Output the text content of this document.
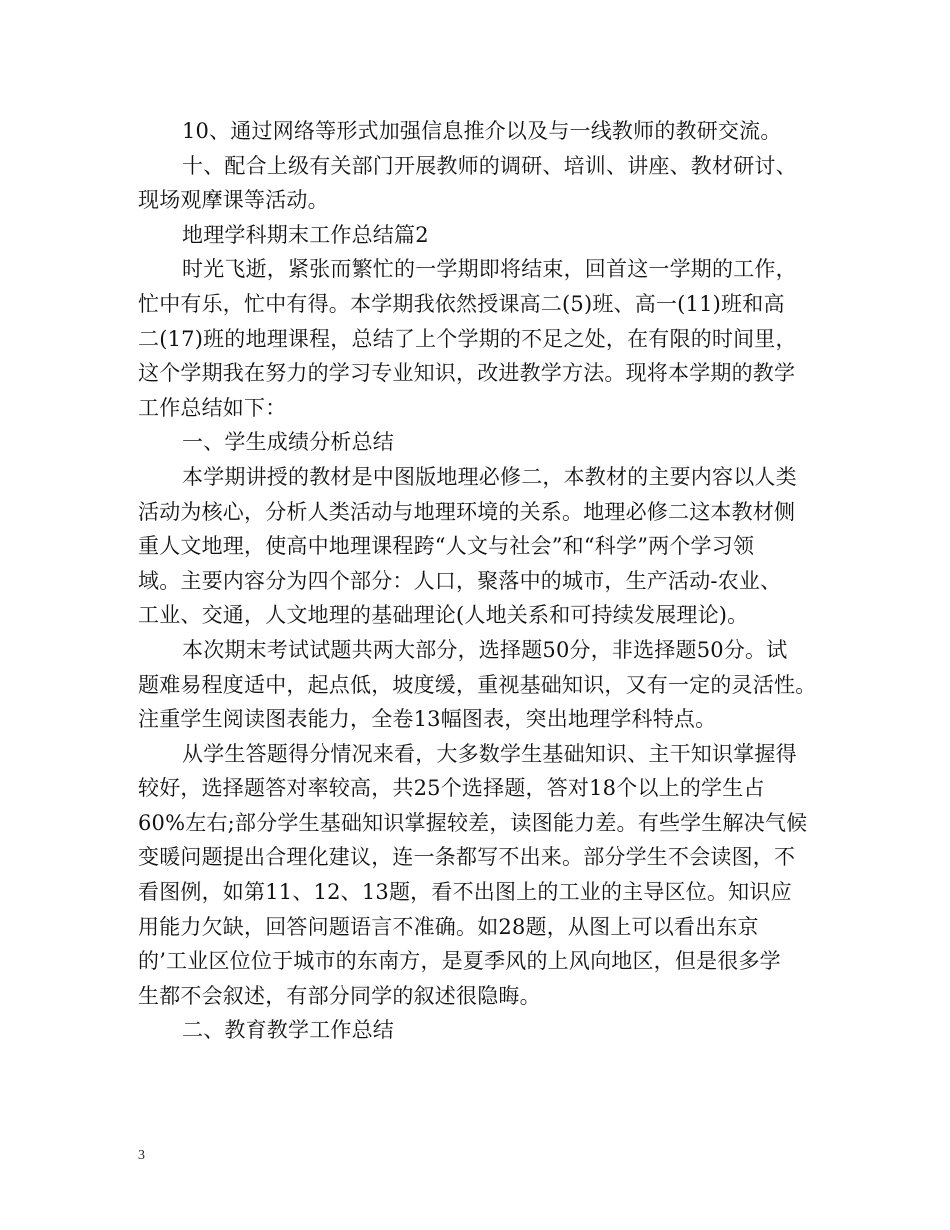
10、通过网络等形式加强信息推介以及与一线教师的教研交流。
十、配合上级有关部门开展教师的调研、培训、讲座、教材研讨、
现场观摩课等活动。
地理学科期末工作总结篇2
时光飞逝，紧张而繁忙的一学期即将结束，回首这一学期的工作，
忙中有乐，忙中有得。本学期我依然授课高二(5)班、高一(11)班和高
二(17)班的地理课程，总结了上个学期的不足之处，在有限的时间里，
这个学期我在努力的学习专业知识，改进教学方法。现将本学期的教学
工作总结如下：
一、学生成绩分析总结
本学期讲授的教材是中图版地理必修二，本教材的主要内容以人类
活动为核心，分析人类活动与地理环境的关系。地理必修二这本教材侧
重人文地理，使高中地理课程跨“人文与社会”和“科学”两个学习领
域。主要内容分为四个部分：人口，聚落中的城市，生产活动-农业、
工业、交通，人文地理的基础理论(人地关系和可持续发展理论)。
本次期末考试试题共两大部分，选择题50分，非选择题50分。试
题难易程度适中，起点低，坡度缓，重视基础知识，又有一定的灵活性。
注重学生阅读图表能力，全卷13幅图表，突出地理学科特点。
从学生答题得分情况来看，大多数学生基础知识、主干知识掌握得
较好，选择题答对率较高，共25个选择题，答对18个以上的学生占
60%左右;部分学生基础知识掌握较差，读图能力差。有些学生解决气候
变暖问题提出合理化建议，连一条都写不出来。部分学生不会读图，不
看图例，如第11、12、13题，看不出图上的工业的主导区位。知识应
用能力欠缺，回答问题语言不准确。如28题，从图上可以看出东京
的’工业区位位于城市的东南方，是夏季风的上风向地区，但是很多学
生都不会叙述，有部分同学的叙述很隐晦。
二、教育教学工作总结
3
